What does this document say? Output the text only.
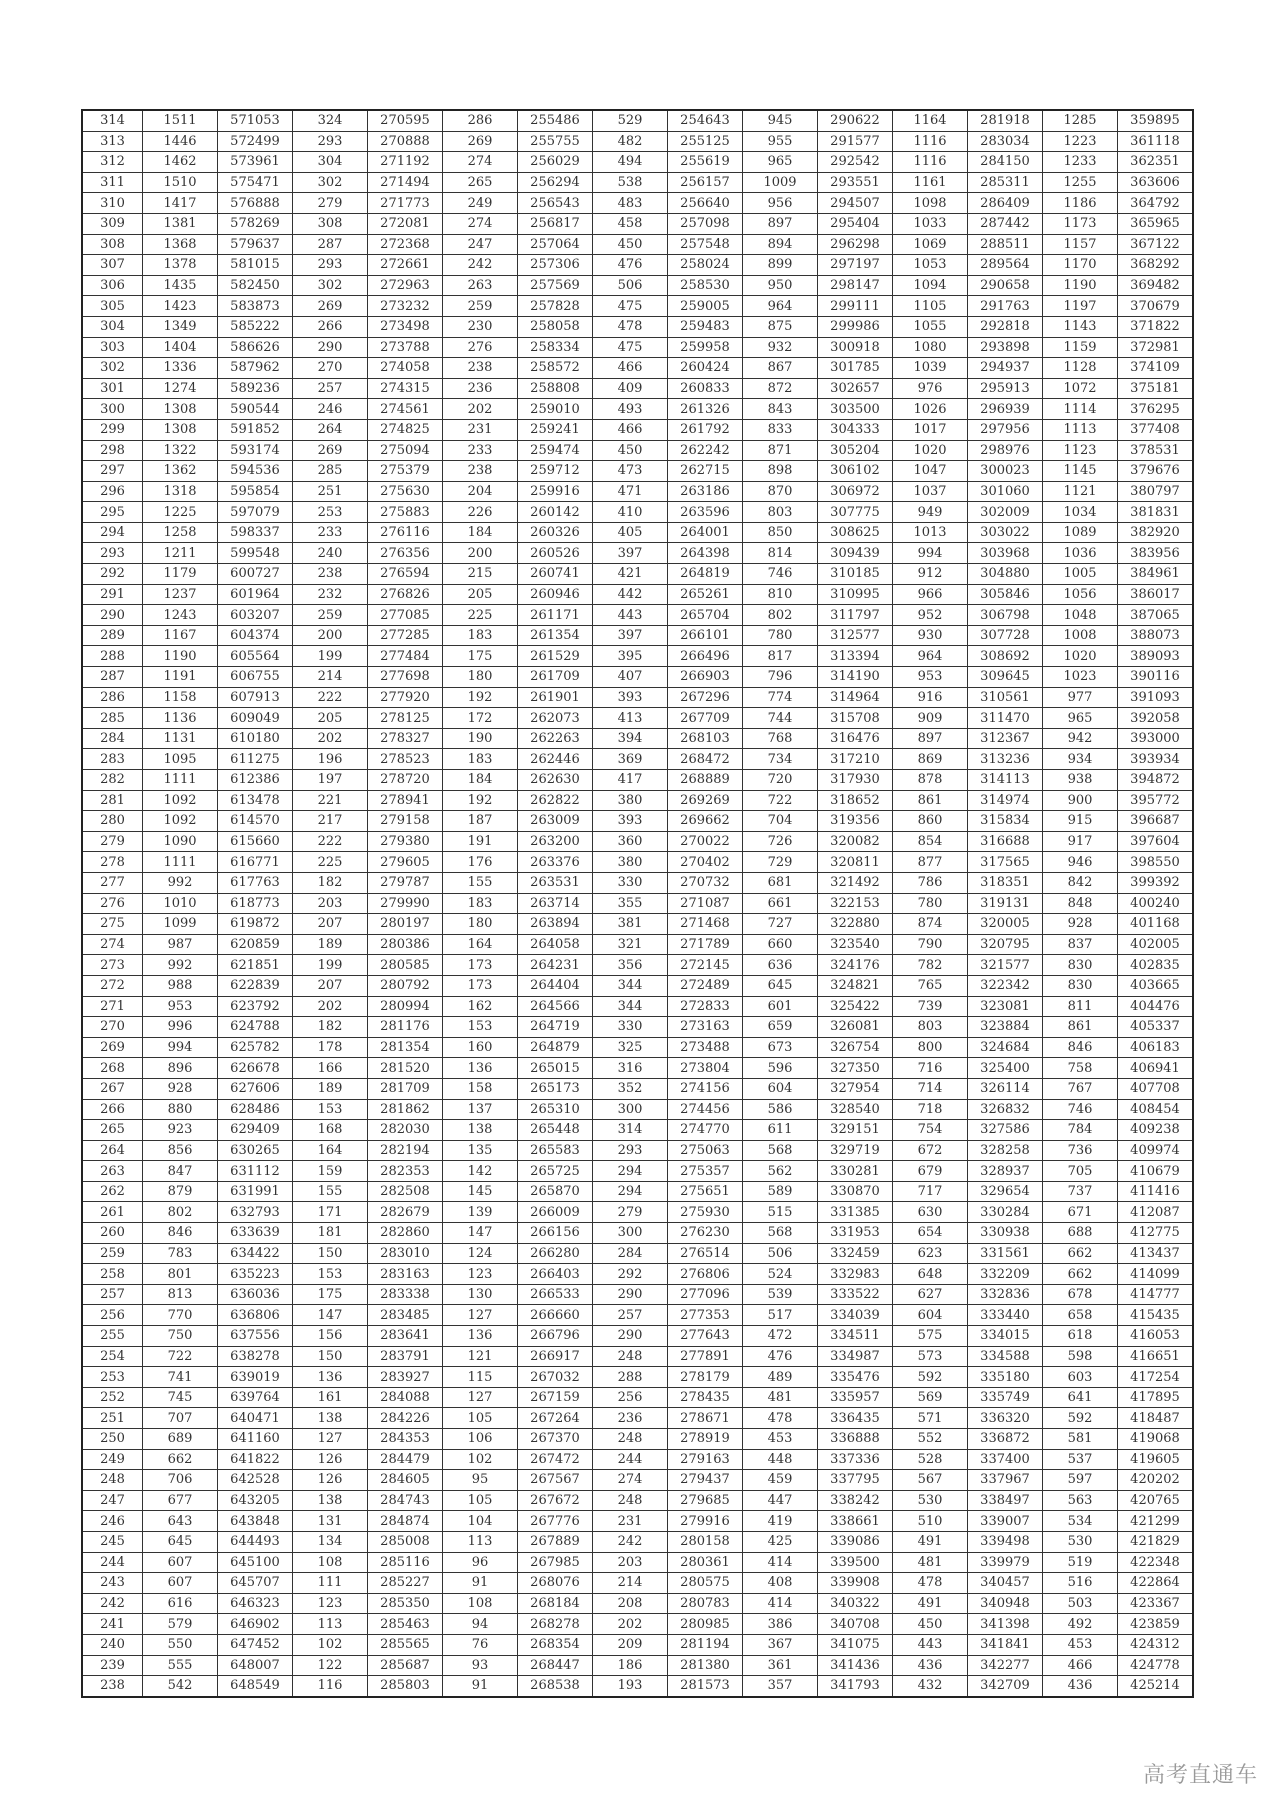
314	1511	571053	324	270595	286	255486	529	254643	945	290622	1164	281918	1285	359895
313	1446	572499	293	270888	269	255755	482	255125	955	291577	1116	283034	1223	361118
312	1462	573961	304	271192	274	256029	494	255619	965	292542	1116	284150	1233	362351
311	1510	575471	302	271494	265	256294	538	256157	1009	293551	1161	285311	1255	363606
310	1417	576888	279	271773	249	256543	483	256640	956	294507	1098	286409	1186	364792
309	1381	578269	308	272081	274	256817	458	257098	897	295404	1033	287442	1173	365965
308	1368	579637	287	272368	247	257064	450	257548	894	296298	1069	288511	1157	367122
307	1378	581015	293	272661	242	257306	476	258024	899	297197	1053	289564	1170	368292
306	1435	582450	302	272963	263	257569	506	258530	950	298147	1094	290658	1190	369482
305	1423	583873	269	273232	259	257828	475	259005	964	299111	1105	291763	1197	370679
304	1349	585222	266	273498	230	258058	478	259483	875	299986	1055	292818	1143	371822
303	1404	586626	290	273788	276	258334	475	259958	932	300918	1080	293898	1159	372981
302	1336	587962	270	274058	238	258572	466	260424	867	301785	1039	294937	1128	374109
301	1274	589236	257	274315	236	258808	409	260833	872	302657	976	295913	1072	375181
300	1308	590544	246	274561	202	259010	493	261326	843	303500	1026	296939	1114	376295
299	1308	591852	264	274825	231	259241	466	261792	833	304333	1017	297956	1113	377408
298	1322	593174	269	275094	233	259474	450	262242	871	305204	1020	298976	1123	378531
297	1362	594536	285	275379	238	259712	473	262715	898	306102	1047	300023	1145	379676
296	1318	595854	251	275630	204	259916	471	263186	870	306972	1037	301060	1121	380797
295	1225	597079	253	275883	226	260142	410	263596	803	307775	949	302009	1034	381831
294	1258	598337	233	276116	184	260326	405	264001	850	308625	1013	303022	1089	382920
293	1211	599548	240	276356	200	260526	397	264398	814	309439	994	303968	1036	383956
292	1179	600727	238	276594	215	260741	421	264819	746	310185	912	304880	1005	384961
291	1237	601964	232	276826	205	260946	442	265261	810	310995	966	305846	1056	386017
290	1243	603207	259	277085	225	261171	443	265704	802	311797	952	306798	1048	387065
289	1167	604374	200	277285	183	261354	397	266101	780	312577	930	307728	1008	388073
288	1190	605564	199	277484	175	261529	395	266496	817	313394	964	308692	1020	389093
287	1191	606755	214	277698	180	261709	407	266903	796	314190	953	309645	1023	390116
286	1158	607913	222	277920	192	261901	393	267296	774	314964	916	310561	977	391093
285	1136	609049	205	278125	172	262073	413	267709	744	315708	909	311470	965	392058
284	1131	610180	202	278327	190	262263	394	268103	768	316476	897	312367	942	393000
283	1095	611275	196	278523	183	262446	369	268472	734	317210	869	313236	934	393934
282	1111	612386	197	278720	184	262630	417	268889	720	317930	878	314113	938	394872
281	1092	613478	221	278941	192	262822	380	269269	722	318652	861	314974	900	395772
280	1092	614570	217	279158	187	263009	393	269662	704	319356	860	315834	915	396687
279	1090	615660	222	279380	191	263200	360	270022	726	320082	854	316688	917	397604
278	1111	616771	225	279605	176	263376	380	270402	729	320811	877	317565	946	398550
277	992	617763	182	279787	155	263531	330	270732	681	321492	786	318351	842	399392
276	1010	618773	203	279990	183	263714	355	271087	661	322153	780	319131	848	400240
275	1099	619872	207	280197	180	263894	381	271468	727	322880	874	320005	928	401168
274	987	620859	189	280386	164	264058	321	271789	660	323540	790	320795	837	402005
273	992	621851	199	280585	173	264231	356	272145	636	324176	782	321577	830	402835
272	988	622839	207	280792	173	264404	344	272489	645	324821	765	322342	830	403665
271	953	623792	202	280994	162	264566	344	272833	601	325422	739	323081	811	404476
270	996	624788	182	281176	153	264719	330	273163	659	326081	803	323884	861	405337
269	994	625782	178	281354	160	264879	325	273488	673	326754	800	324684	846	406183
268	896	626678	166	281520	136	265015	316	273804	596	327350	716	325400	758	406941
267	928	627606	189	281709	158	265173	352	274156	604	327954	714	326114	767	407708
266	880	628486	153	281862	137	265310	300	274456	586	328540	718	326832	746	408454
265	923	629409	168	282030	138	265448	314	274770	611	329151	754	327586	784	409238
264	856	630265	164	282194	135	265583	293	275063	568	329719	672	328258	736	409974
263	847	631112	159	282353	142	265725	294	275357	562	330281	679	328937	705	410679
262	879	631991	155	282508	145	265870	294	275651	589	330870	717	329654	737	411416
261	802	632793	171	282679	139	266009	279	275930	515	331385	630	330284	671	412087
260	846	633639	181	282860	147	266156	300	276230	568	331953	654	330938	688	412775
259	783	634422	150	283010	124	266280	284	276514	506	332459	623	331561	662	413437
258	801	635223	153	283163	123	266403	292	276806	524	332983	648	332209	662	414099
257	813	636036	175	283338	130	266533	290	277096	539	333522	627	332836	678	414777
256	770	636806	147	283485	127	266660	257	277353	517	334039	604	333440	658	415435
255	750	637556	156	283641	136	266796	290	277643	472	334511	575	334015	618	416053
254	722	638278	150	283791	121	266917	248	277891	476	334987	573	334588	598	416651
253	741	639019	136	283927	115	267032	288	278179	489	335476	592	335180	603	417254
252	745	639764	161	284088	127	267159	256	278435	481	335957	569	335749	641	417895
251	707	640471	138	284226	105	267264	236	278671	478	336435	571	336320	592	418487
250	689	641160	127	284353	106	267370	248	278919	453	336888	552	336872	581	419068
249	662	641822	126	284479	102	267472	244	279163	448	337336	528	337400	537	419605
248	706	642528	126	284605	95	267567	274	279437	459	337795	567	337967	597	420202
247	677	643205	138	284743	105	267672	248	279685	447	338242	530	338497	563	420765
246	643	643848	131	284874	104	267776	231	279916	419	338661	510	339007	534	421299
245	645	644493	134	285008	113	267889	242	280158	425	339086	491	339498	530	421829
244	607	645100	108	285116	96	267985	203	280361	414	339500	481	339979	519	422348
243	607	645707	111	285227	91	268076	214	280575	408	339908	478	340457	516	422864
242	616	646323	123	285350	108	268184	208	280783	414	340322	491	340948	503	423367
241	579	646902	113	285463	94	268278	202	280985	386	340708	450	341398	492	423859
240	550	647452	102	285565	76	268354	209	281194	367	341075	443	341841	453	424312
239	555	648007	122	285687	93	268447	186	281380	361	341436	436	342277	466	424778
238	542	648549	116	285803	91	268538	193	281573	357	341793	432	342709	436	425214
高考直通车
